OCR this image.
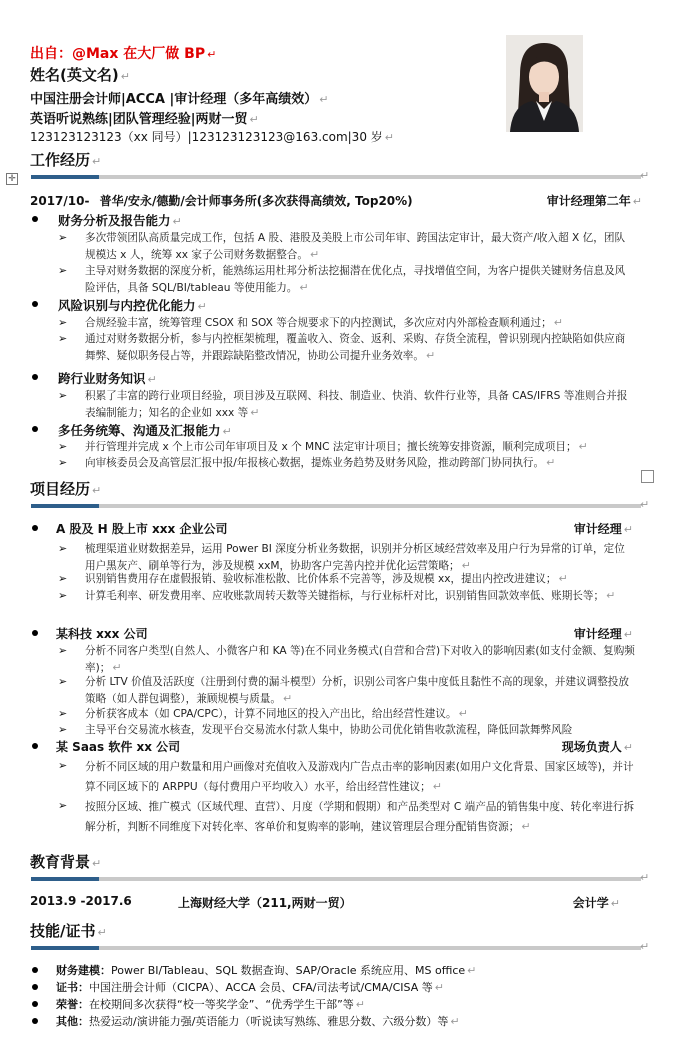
出自：@Max 在大厂做 BP ↵
姓名(英文名) ↵
中国注册会计师|ACCA |审计经理（多年高绩效） ↵
英语听说熟练|团队管理经验|两财一贸 ↵
123123123123（xx 同号）|123123123123@163.com|30 岁 ↵
✛
工作经历 ↵
↵
2017/10- 普华/安永/德勤/会计师事务所(多次获得高绩效, Top20%)	审计经理第二年 ↵
财务分析及报告能力 ↵
➢ 多次带领团队高质量完成工作，包括 A 股、港股及美股上市公司年审、跨国法定审计，最大资产/收入超 X 亿，团队规模达 x 人，统筹 xx 家子公司财务数据整合。 ↵
➢ 主导对财务数据的深度分析，能熟练运用杜邦分析法挖掘潜在优化点，寻找增值空间，为客户提供关键财务信息及风险评估，具备 SQL/BI/tableau 等使用能力。 ↵
风险识别与内控优化能力 ↵
➢ 合规经验丰富，统筹管理 CSOX 和 SOX 等合规要求下的内控测试，多次应对内外部检查顺利通过； ↵
➢ 通过对财务数据分析，参与内控框架梳理，覆盖收入、资金、返利、采购、存货全流程，曾识别现内控缺陷如供应商舞弊、疑似职务侵占等，并跟踪缺陷整改情况，协助公司提升业务效率。 ↵
跨行业财务知识 ↵
➢ 积累了丰富的跨行业项目经验，项目涉及互联网、科技、制造业、快消、软件行业等，具备 CAS/IFRS 等准则合并报表编制能力；知名的企业如 xxx 等 ↵
多任务统筹、沟通及汇报能力 ↵
➢ 并行管理并完成 x 个上市公司年审项目及 x 个 MNC 法定审计项目；擅长统筹安排资源，顺利完成项目； ↵
➢ 向审核委员会及高管层汇报中报/年报核心数据，提炼业务趋势及财务风险，推动跨部门协同执行。 ↵
项目经历 ↵
↵
A 股及 H 股上市 xxx 企业公司	审计经理 ↵
➢ 梳理渠道业财数据差异，运用 Power BI 深度分析业务数据，识别并分析区域经营效率及用户行为异常的订单，定位用户黑灰产、刷单等行为，涉及规模 xxM，协助客户完善内控并优化运营策略； ↵
➢ 识别销售费用存在虚假报销、验收标准松散、比价体系不完善等，涉及规模 xx，提出内控改进建议； ↵
➢ 计算毛利率、研发费用率、应收账款周转天数等关键指标，与行业标杆对比，识别销售回款效率低、账期长等； ↵
某科技 xxx 公司	审计经理 ↵
➢ 分析不同客户类型(自然人、小微客户和 KA 等)在不同业务模式(自营和合营)下对收入的影响因素(如支付金额、复购频率)； ↵
➢ 分析 LTV 价值及活跃度（注册到付费的漏斗模型）分析，识别公司客户集中度低且黏性不高的现象，并建议调整投放策略（如人群包调整），兼顾规模与质量。 ↵
➢ 分析获客成本（如 CPA/CPC），计算不同地区的投入产出比，给出经营性建议。 ↵
➢ 主导平台交易流水核查，发现平台交易流水付款人集中，协助公司优化销售收款流程，降低回款舞弊风险
某 Saas 软件 xx 公司	现场负责人 ↵
➢ 分析不同区域的用户数量和用户画像对充值收入及游戏内广告点击率的影响因素(如用户文化背景、国家区域等)，并计算不同区域下的 ARPPU（每付费用户平均收入）水平，给出经营性建议； ↵
➢ 按照分区域、推广模式（区域代理、直营）、月度（学期和假期）和产品类型对 C 端产品的销售集中度、转化率进行拆解分析，判断不同维度下对转化率、客单价和复购率的影响，建议管理层合理分配销售资源； ↵
教育背景 ↵
↵
2013.9 -2017.6	上海财经大学（211,两财一贸）	会计学 ↵
技能/证书 ↵
↵
财务建模：Power BI/Tableau、SQL 数据查询、SAP/Oracle 系统应用、MS office ↵
证书：中国注册会计师（CICPA）、ACCA 会员、CFA/司法考试/CMA/CISA 等 ↵
荣誉：在校期间多次获得“校一等奖学金”、“优秀学生干部”等 ↵
其他：热爱运动/演讲能力强/英语能力（听说读写熟练、雅思分数、六级分数）等 ↵
